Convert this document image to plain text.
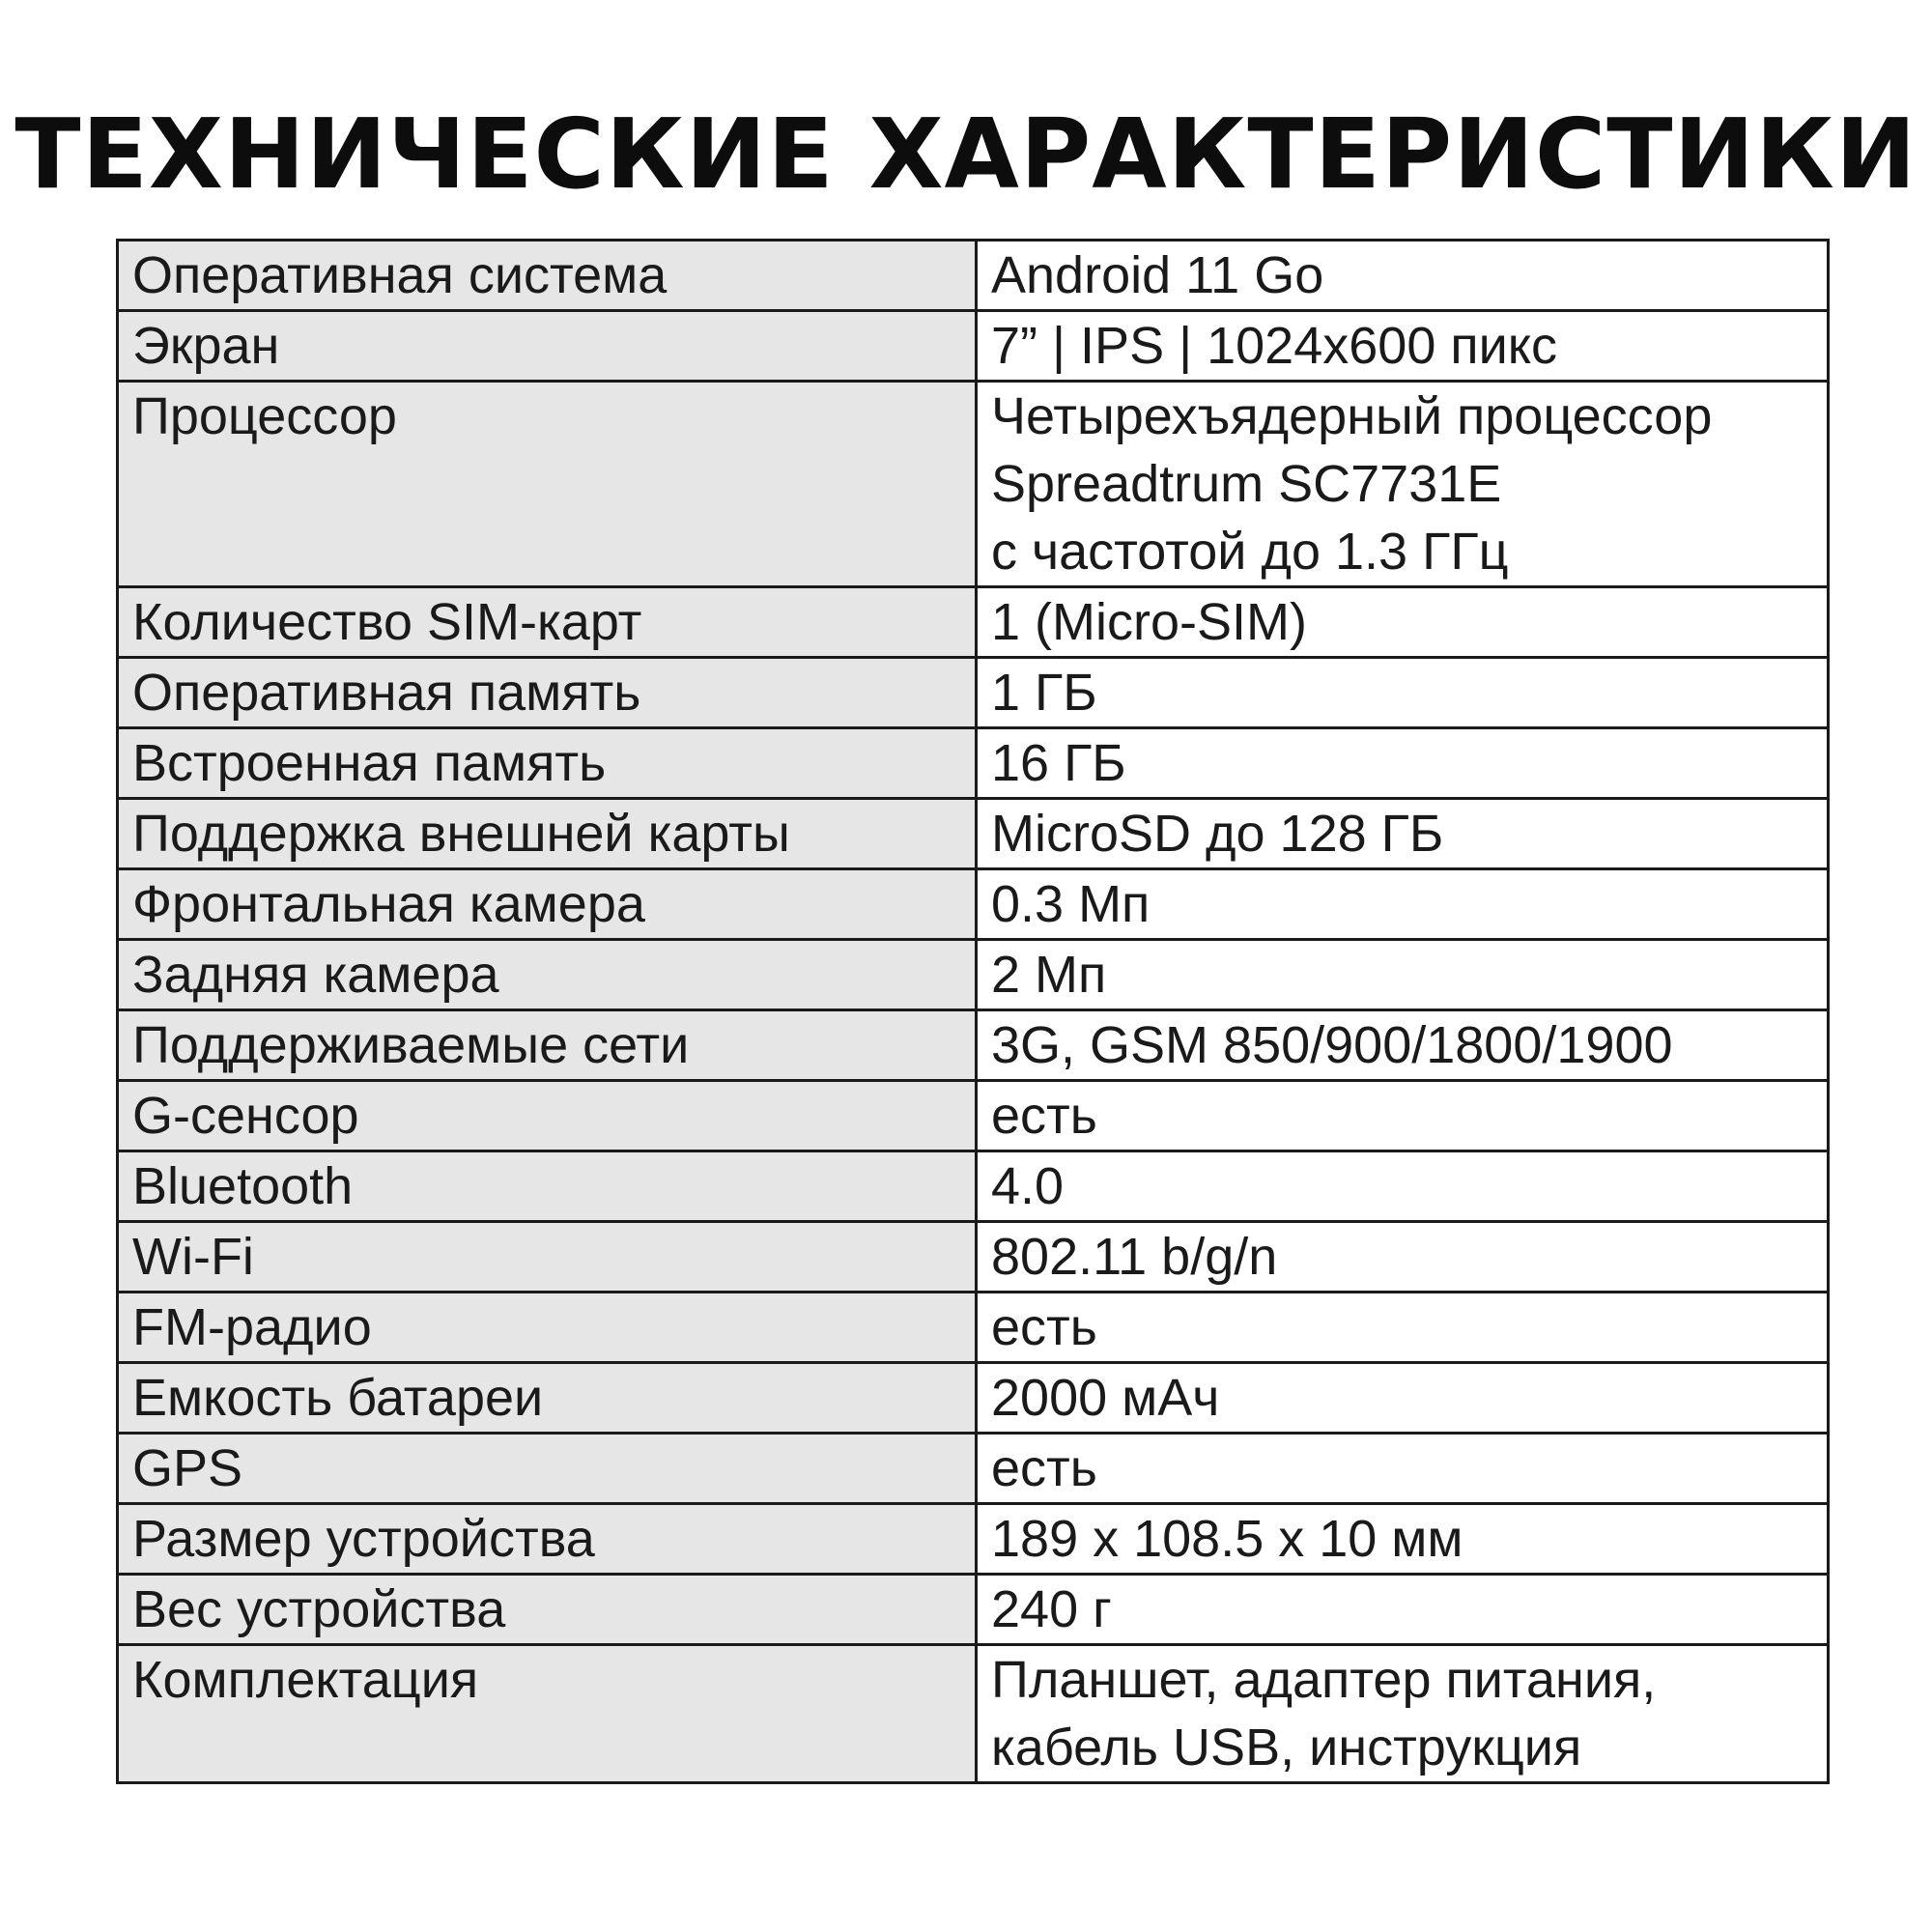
ТЕХНИЧЕСКИЕ ХАРАКТЕРИСТИКИ
Оперативная система	Android 11 Go

Экран	7” | IPS | 1024x600 пикс

Процессор	Четырехъядерный процессор
Spreadtrum SC7731E
с частотой до 1.3 ГГц

Количество SIM-карт	1 (Micro-SIM)

Оперативная память	1 ГБ

Встроенная память	16 ГБ

Поддержка внешней карты	MicroSD до 128 ГБ

Фронтальная камера	0.3 Мп

Задняя камера	2 Мп

Поддерживаемые сети	3G, GSM 850/900/1800/1900

G-сенсор	есть

Bluetooth	4.0

Wi-Fi	802.11 b/g/n

FM-радио	есть

Емкость батареи	2000 мАч

GPS	есть

Размер устройства	189 x 108.5 x 10 мм

Вес устройства	240 г

Комплектация	Планшет, адаптер питания,
кабель USB, инструкция
